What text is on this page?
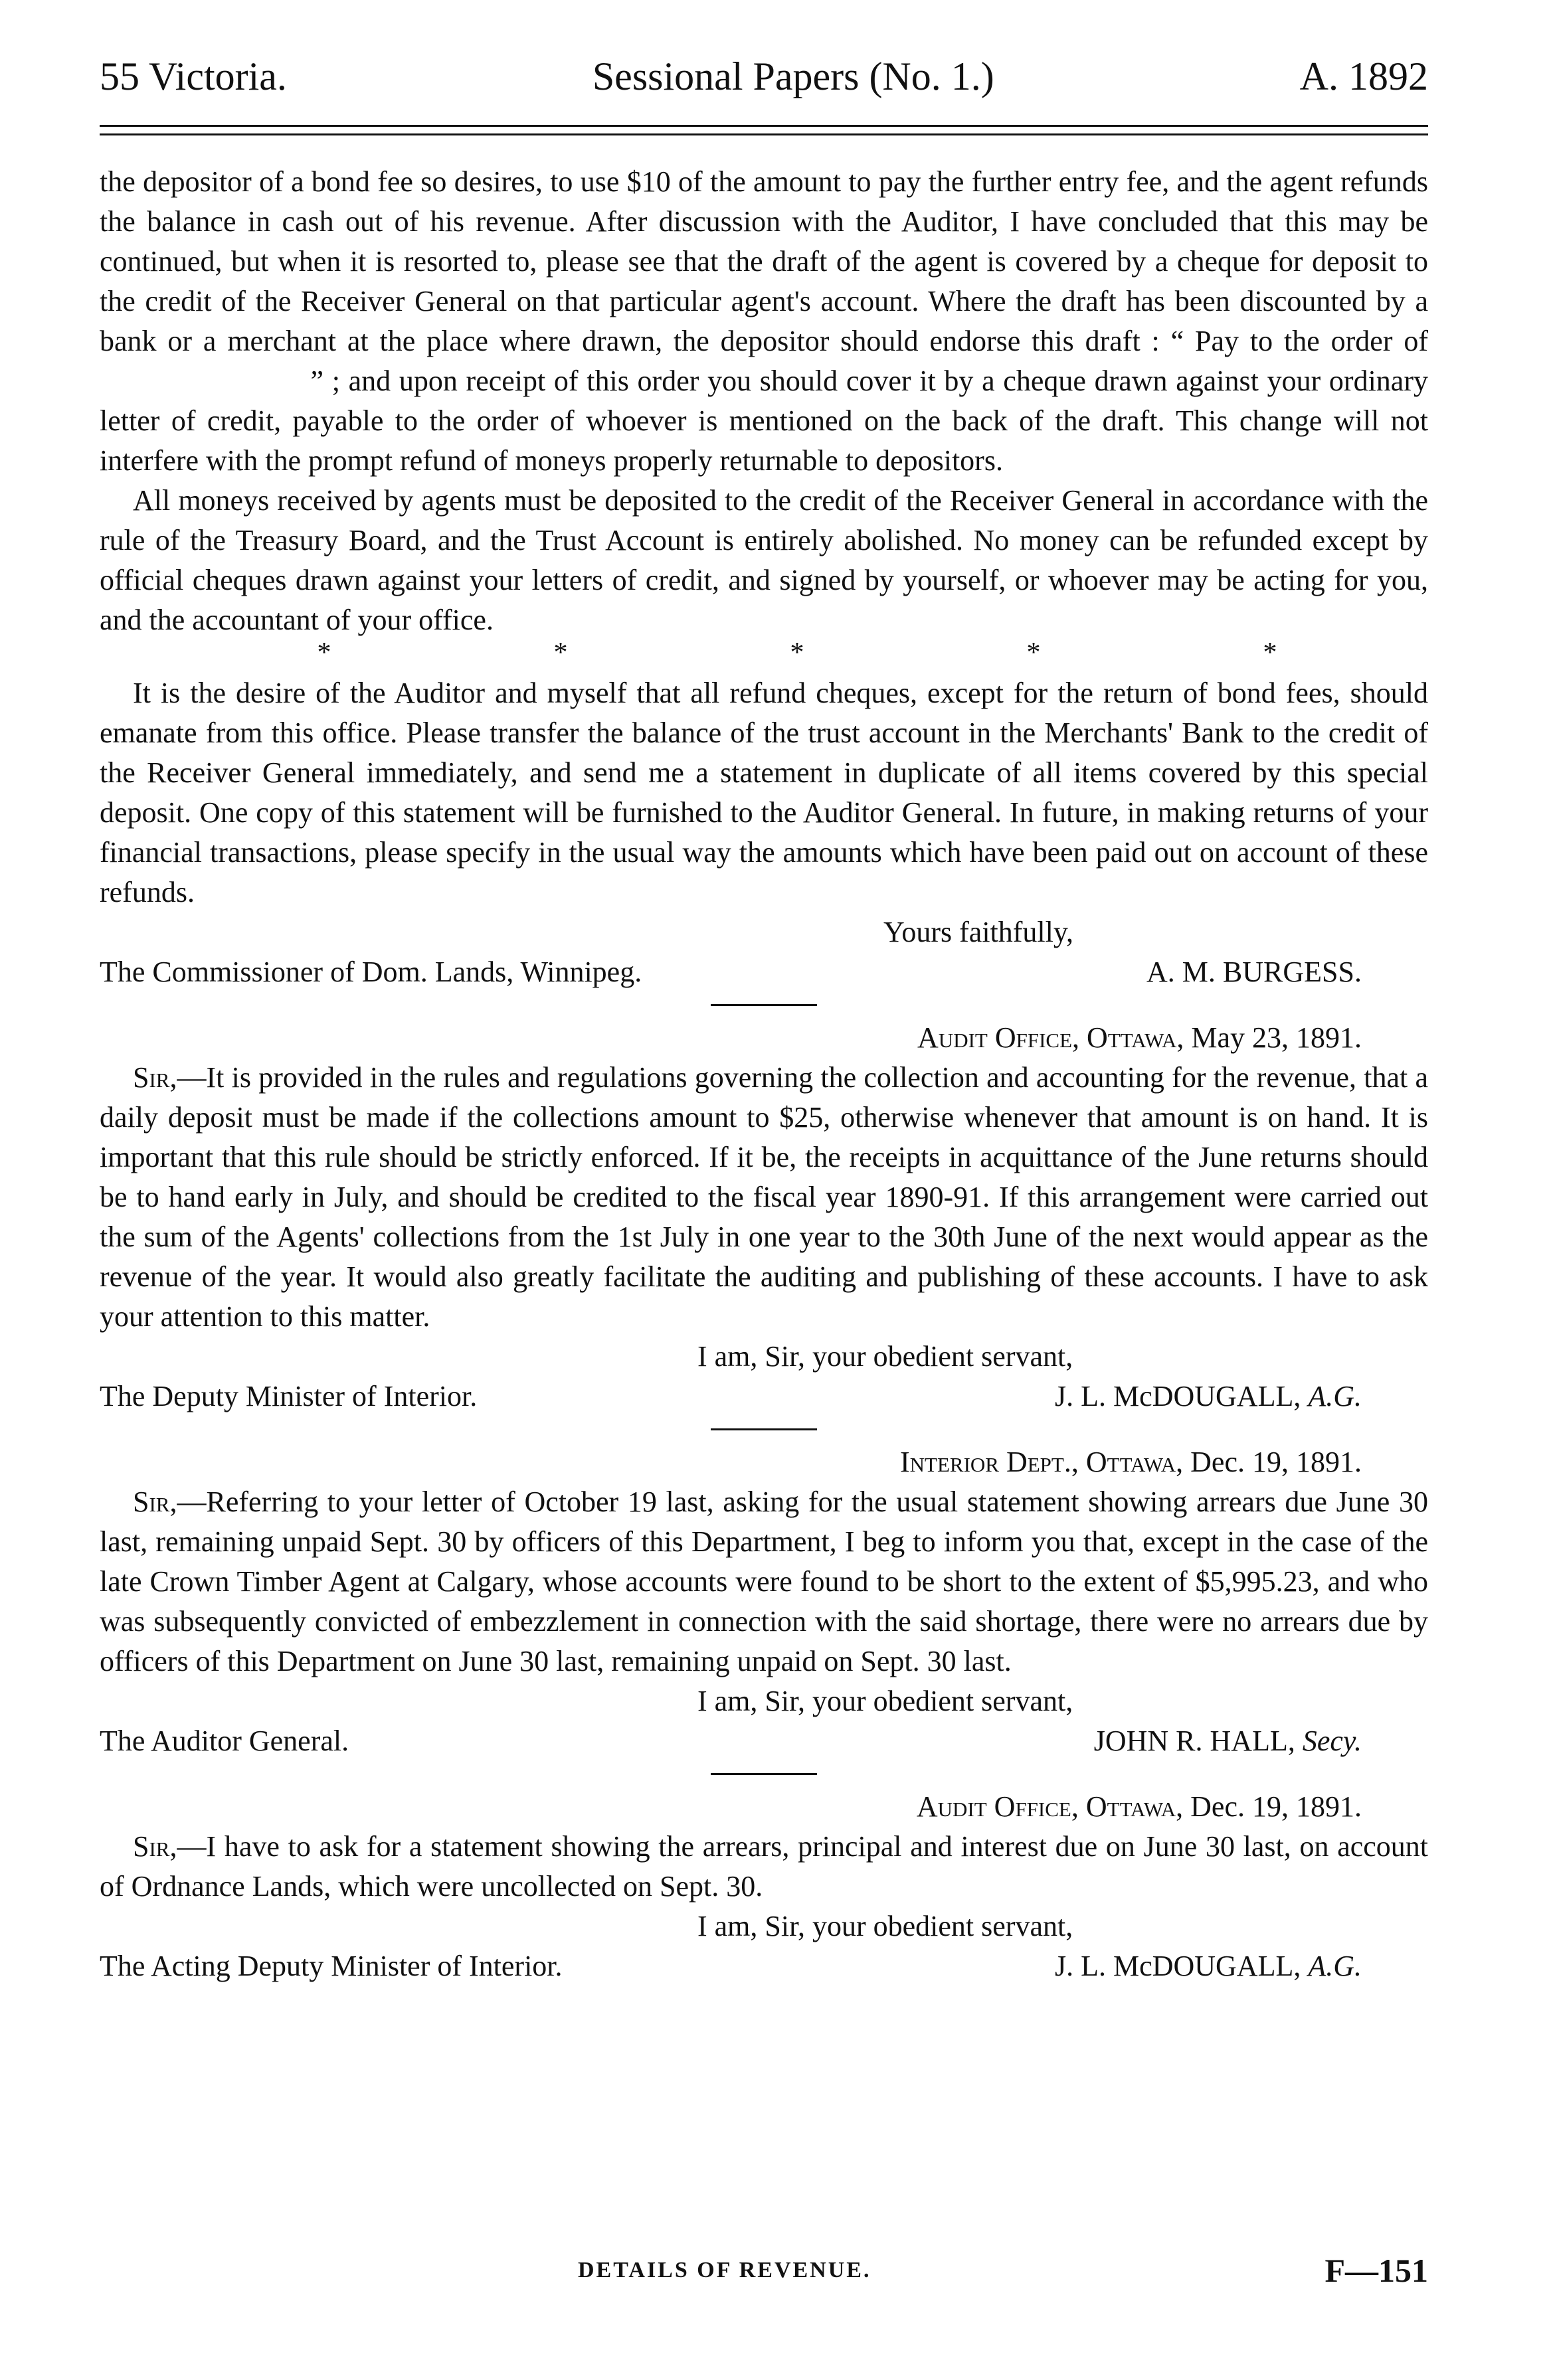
55 Victoria.	Sessional Papers (No. 1.)	A. 1892

the depositor of a bond fee so desires, to use $10 of the amount to pay the further entry fee, and the agent refunds the balance in cash out of his revenue. After discussion with the Auditor, I have concluded that this may be continued, but when it is resorted to, please see that the draft of the agent is covered by a cheque for deposit to the credit of the Receiver General on that particular agent's account. Where the draft has been discounted by a bank or a merchant at the place where drawn, the depositor should endorse this draft : “ Pay to the order of                          ” ; and upon receipt of this order you should cover it by a cheque drawn against your ordinary letter of credit, payable to the order of whoever is mentioned on the back of the draft. This change will not interfere with the prompt refund of moneys properly returnable to depositors.

All moneys received by agents must be deposited to the credit of the Receiver General in accordance with the rule of the Treasury Board, and the Trust Account is entirely abolished. No money can be refunded except by official cheques drawn against your letters of credit, and signed by yourself, or whoever may be acting for you, and the accountant of your office.

*	*	*	*	*

It is the desire of the Auditor and myself that all refund cheques, except for the return of bond fees, should emanate from this office. Please transfer the balance of the trust account in the Merchants' Bank to the credit of the Receiver General immediately, and send me a statement in duplicate of all items covered by this special deposit. One copy of this statement will be furnished to the Auditor General. In future, in making returns of your financial transactions, please specify in the usual way the amounts which have been paid out on account of these refunds.

Yours faithfully,
The Commissioner of Dom. Lands, Winnipeg.	A. M. BURGESS.
Audit Office, Ottawa, May 23, 1891.

Sir,—It is provided in the rules and regulations governing the collection and accounting for the revenue, that a daily deposit must be made if the collections amount to $25, otherwise whenever that amount is on hand. It is important that this rule should be strictly enforced. If it be, the receipts in acquittance of the June returns should be to hand early in July, and should be credited to the fiscal year 1890-91. If this arrangement were carried out the sum of the Agents' collections from the 1st July in one year to the 30th June of the next would appear as the revenue of the year. It would also greatly facilitate the auditing and publishing of these accounts. I have to ask your attention to this matter.

I am, Sir, your obedient servant,
The Deputy Minister of Interior.	J. L. McDOUGALL, A.G.
Interior Dept., Ottawa, Dec. 19, 1891.

Sir,—Referring to your letter of October 19 last, asking for the usual statement showing arrears due June 30 last, remaining unpaid Sept. 30 by officers of this Department, I beg to inform you that, except in the case of the late Crown Timber Agent at Calgary, whose accounts were found to be short to the extent of $5,995.23, and who was subsequently convicted of embezzlement in connection with the said shortage, there were no arrears due by officers of this Department on June 30 last, remaining unpaid on Sept. 30 last.

I am, Sir, your obedient servant,
The Auditor General.	JOHN R. HALL, Secy.
Audit Office, Ottawa, Dec. 19, 1891.

Sir,—I have to ask for a statement showing the arrears, principal and interest due on June 30 last, on account of Ordnance Lands, which were uncollected on Sept. 30.

I am, Sir, your obedient servant,
The Acting Deputy Minister of Interior.	J. L. McDOUGALL, A.G.
DETAILS OF REVENUE.	F—151
